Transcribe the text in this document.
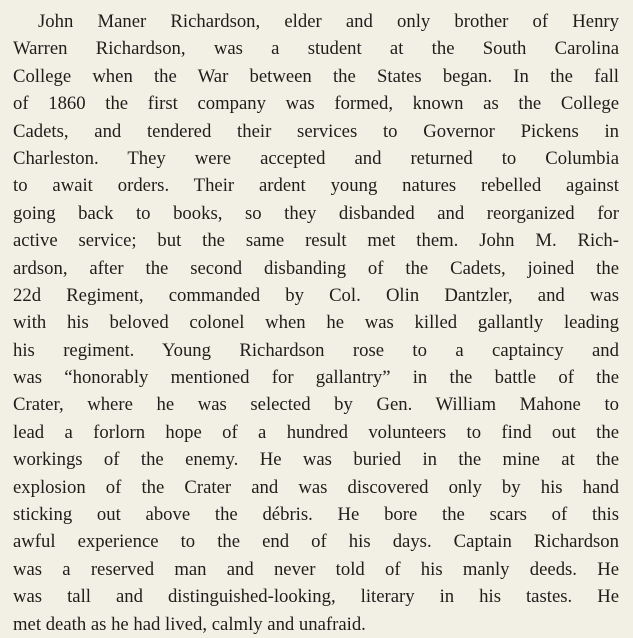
John Maner Richardson, elder and only brother of Henry
Warren Richardson, was a student at the South Carolina
College when the War between the States began. In the fall
of 1860 the first company was formed, known as the College
Cadets, and tendered their services to Governor Pickens in
Charleston. They were accepted and returned to Columbia
to await orders. Their ardent young natures rebelled against
going back to books, so they disbanded and reorganized for
active service; but the same result met them. John M. Rich-
ardson, after the second disbanding of the Cadets, joined the
22d Regiment, commanded by Col. Olin Dantzler, and was
with his beloved colonel when he was killed gallantly leading
his regiment. Young Richardson rose to a captaincy and
was “honorably mentioned for gallantry” in the battle of the
Crater, where he was selected by Gen. William Mahone to
lead a forlorn hope of a hundred volunteers to find out the
workings of the enemy. He was buried in the mine at the
explosion of the Crater and was discovered only by his hand
sticking out above the débris. He bore the scars of this
awful experience to the end of his days. Captain Richardson
was a reserved man and never told of his manly deeds. He
was tall and distinguished-looking, literary in his tastes. He
met death as he had lived, calmly and unafraid.
